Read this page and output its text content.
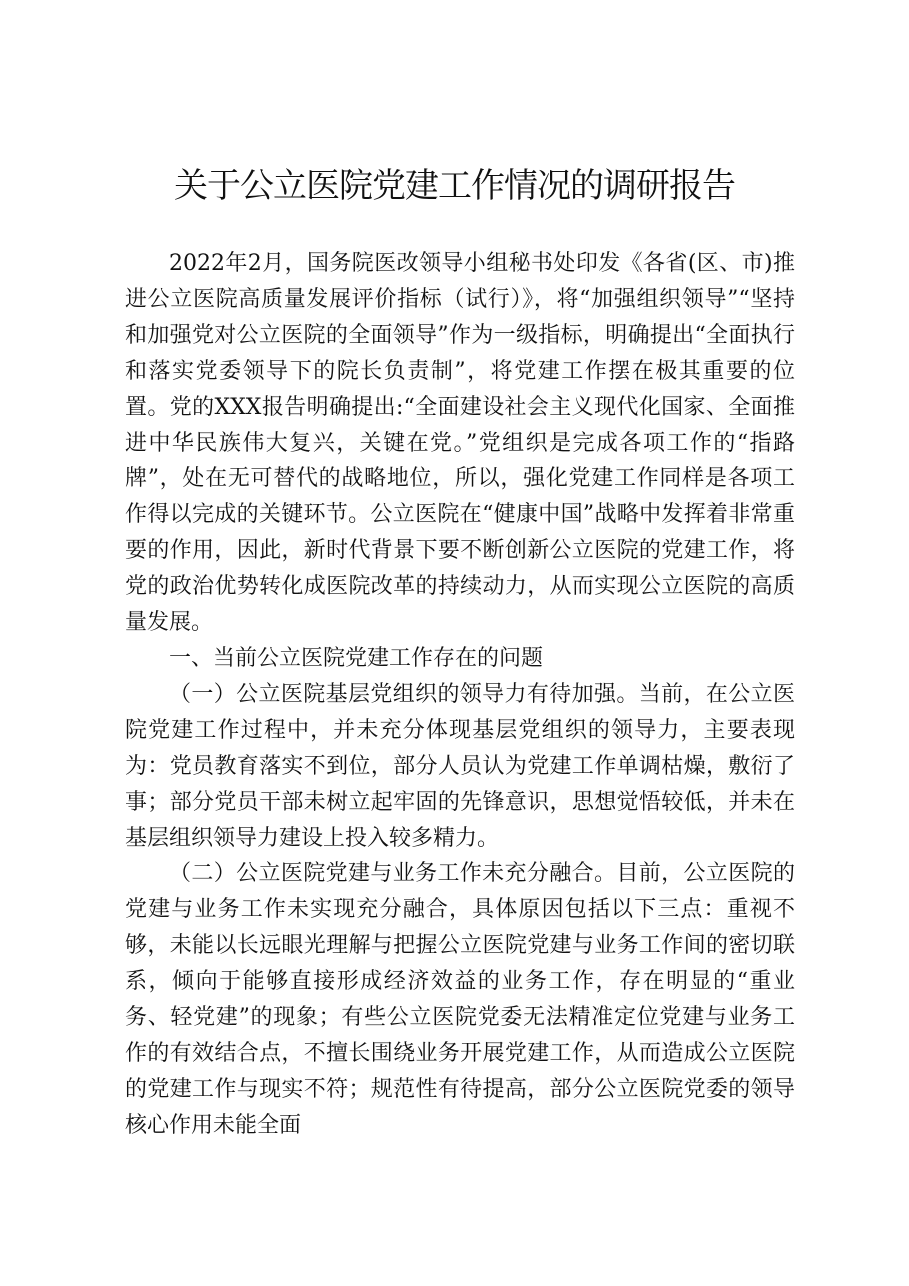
关于公立医院党建工作情况的调研报告

2022年2月，国务院医改领导小组秘书处印发《各省(区、市)推进公立医院高质量发展评价指标（试行）》，将“加强组织领导”“坚持和加强党对公立医院的全面领导”作为一级指标，明确提出“全面执行和落实党委领导下的院长负责制”，将党建工作摆在极其重要的位置。党的XXX报告明确提出:“全面建设社会主义现代化国家、全面推进中华民族伟大复兴，关键在党。”党组织是完成各项工作的“指路牌”，处在无可替代的战略地位，所以，强化党建工作同样是各项工作得以完成的关键环节。公立医院在“健康中国”战略中发挥着非常重要的作用，因此，新时代背景下要不断创新公立医院的党建工作，将党的政治优势转化成医院改革的持续动力，从而实现公立医院的高质量发展。

一、当前公立医院党建工作存在的问题

（一）公立医院基层党组织的领导力有待加强。当前，在公立医院党建工作过程中，并未充分体现基层党组织的领导力，主要表现为：党员教育落实不到位，部分人员认为党建工作单调枯燥，敷衍了事；部分党员干部未树立起牢固的先锋意识，思想觉悟较低，并未在基层组织领导力建设上投入较多精力。

（二）公立医院党建与业务工作未充分融合。目前，公立医院的党建与业务工作未实现充分融合，具体原因包括以下三点：重视不够，未能以长远眼光理解与把握公立医院党建与业务工作间的密切联系，倾向于能够直接形成经济效益的业务工作，存在明显的“重业务、轻党建”的现象；有些公立医院党委无法精准定位党建与业务工作的有效结合点，不擅长围绕业务开展党建工作，从而造成公立医院的党建工作与现实不符；规范性有待提高，部分公立医院党委的领导核心作用未能全面
